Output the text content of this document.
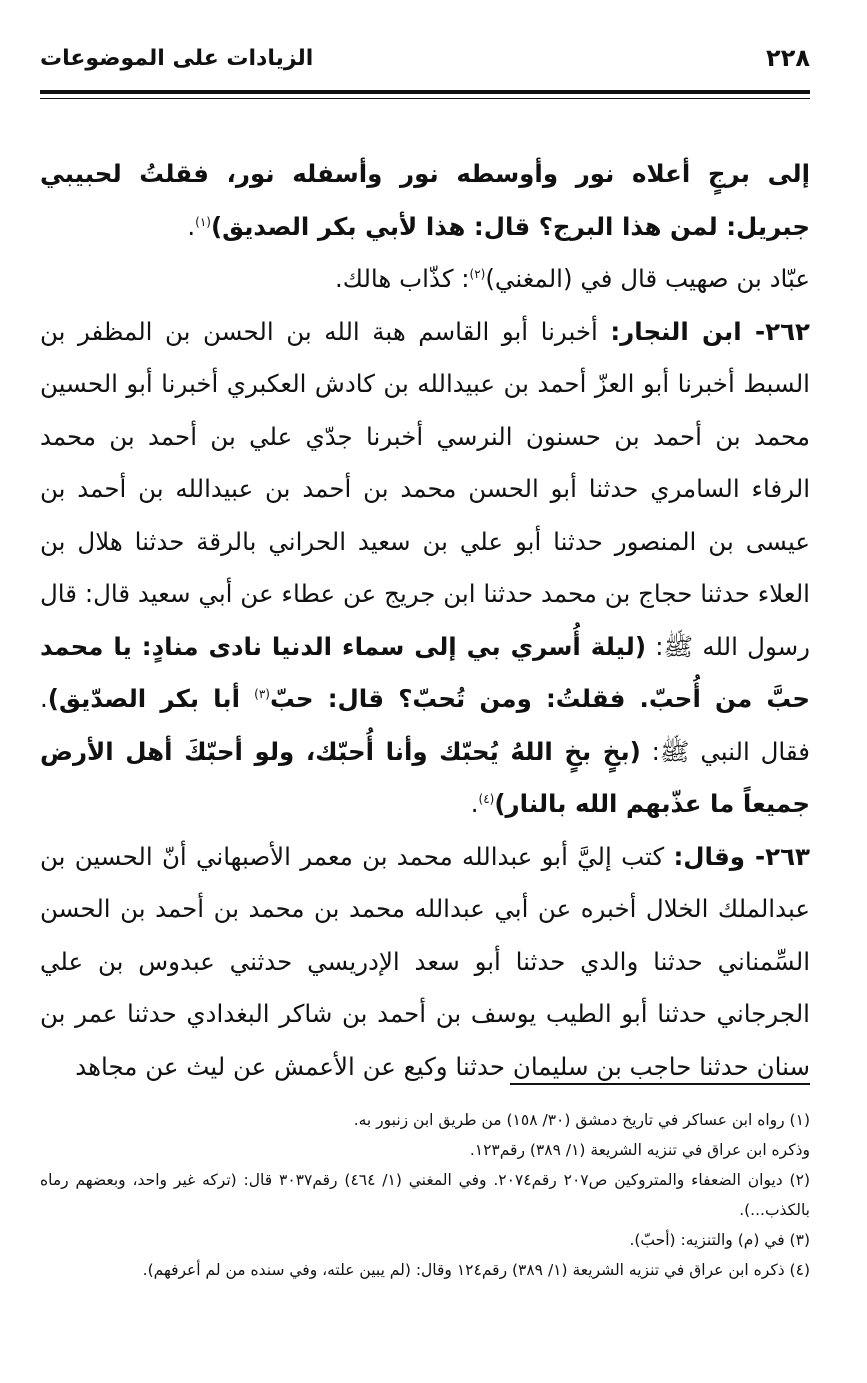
٢٢٨
الزيادات على الموضوعات

إلى برجٍ أعلاه نور وأوسطه نور وأسفله نور، فقلتُ لحبيبي جبريل: لمن هذا البرج؟ قال: هذا لأبي بكر الصديق)$^{(١)}$.

عبّاد بن صهيب قال في (المغني)$^{(٢)}$: كذّاب هالك.

٢٦٢- ابن النجار: أخبرنا أبو القاسم هبة الله بن الحسن بن المظفر بن السبط أخبرنا أبو العزّ أحمد بن عبيدالله بن كادش العكبري أخبرنا أبو الحسين محمد بن أحمد بن حسنون النرسي أخبرنا جدّي علي بن أحمد بن محمد الرفاء السامري حدثنا أبو الحسن محمد بن أحمد بن عبيدالله بن أحمد بن عيسى بن المنصور حدثنا أبو علي بن سعيد الحراني بالرقة حدثنا هلال بن العلاء حدثنا حجاج بن محمد حدثنا ابن جريج عن عطاء عن أبي سعيد قال: قال رسول الله ﷺ: (ليلة أُسري بي إلى سماء الدنيا نادى منادٍ: يا محمد حبَّ من أُحبّ. فقلتُ: ومن تُحبّ؟ قال: حبّ$^{(٣)}$ أبا بكر الصدّيق). فقال النبي ﷺ: (بخٍ بخٍ اللهُ يُحبّك وأنا أُحبّك، ولو أحبّكَ أهل الأرض جميعاً ما عذّبهم الله بالنار)$^{(٤)}$.

٢٦٣- وقال: كتب إليَّ أبو عبدالله محمد بن معمر الأصبهاني أنّ الحسين بن عبدالملك الخلال أخبره عن أبي عبدالله محمد بن محمد بن أحمد بن الحسن السِّمناني حدثنا والدي حدثنا أبو سعد الإدريسي حدثني عبدوس بن علي الجرجاني حدثنا أبو الطيب يوسف بن أحمد بن شاكر البغدادي حدثنا عمر بن سنان حدثنا حاجب بن سليمان حدثنا وكيع عن الأعمش عن ليث عن مجاهد

(١) رواه ابن عساكر في تاريخ دمشق (٣٠/ ١٥٨) من طريق ابن زنبور به.

وذكره ابن عراق في تنزيه الشريعة (١/ ٣٨٩) رقم١٢٣.

(٢) ديوان الضعفاء والمتروكين ص٢٠٧ رقم٢٠٧٤. وفي المغني (١/ ٤٦٤) رقم٣٠٣٧ قال: (تركه غير واحد، وبعضهم رماه بالكذب...).

(٣) في (م) والتنزيه: (أحبّ).

(٤) ذكره ابن عراق في تنزيه الشريعة (١/ ٣٨٩) رقم١٢٤ وقال: (لم يبين علته، وفي سنده من لم أعرفهم).
